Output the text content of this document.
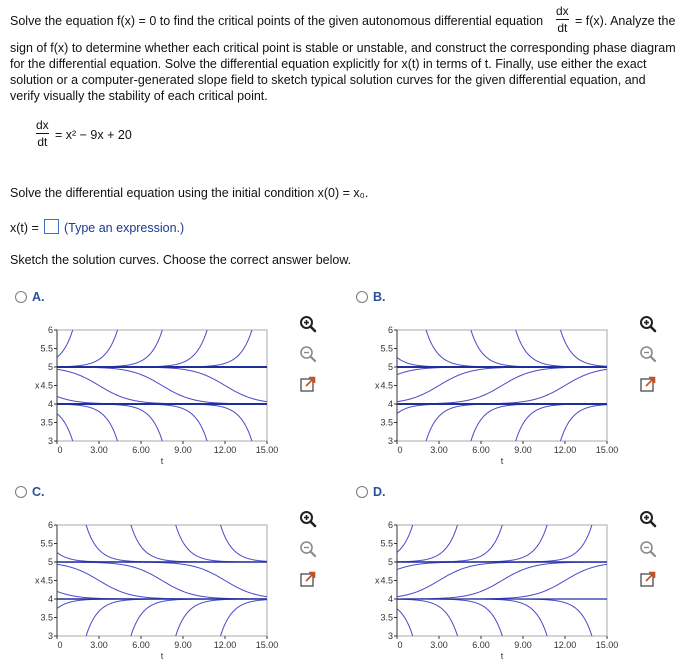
Solve the equation f(x) = 0 to find the critical points of the given autonomous differential equation
dx
dt = f(x). Analyze the
sign of f(x) to determine whether each critical point is stable or unstable, and construct the corresponding phase diagram
for the differential equation. Solve the differential equation explicitly for x(t) in terms of t. Finally, use either the exact
solution or a computer-generated slope field to sketch typical solution curves for the given differential equation, and
verify visually the stability of each critical point.
dx
dt = x² − 9x + 20
Solve the differential equation using the initial condition x(0) = x₀.
x(t) = (Type an expression.)
Sketch the solution curves. Choose the correct answer below.
A.	B.
C.	D.
3
3.5
4
4.5
5
5.5
6
x
0	3.00	6.00	9.00 12.00 15.00
t
3
3.5
4
4.5
5
5.5
6
x
0	3.00	6.00	9.00 12.00 15.00
t
3
3.5
4
4.5
5
5.5
6
x
0	3.00	6.00	9.00 12.00 15.00
t
3
3.5
4
4.5
5
5.5
6
x
0	3.00	6.00	9.00 12.00 15.00
t
